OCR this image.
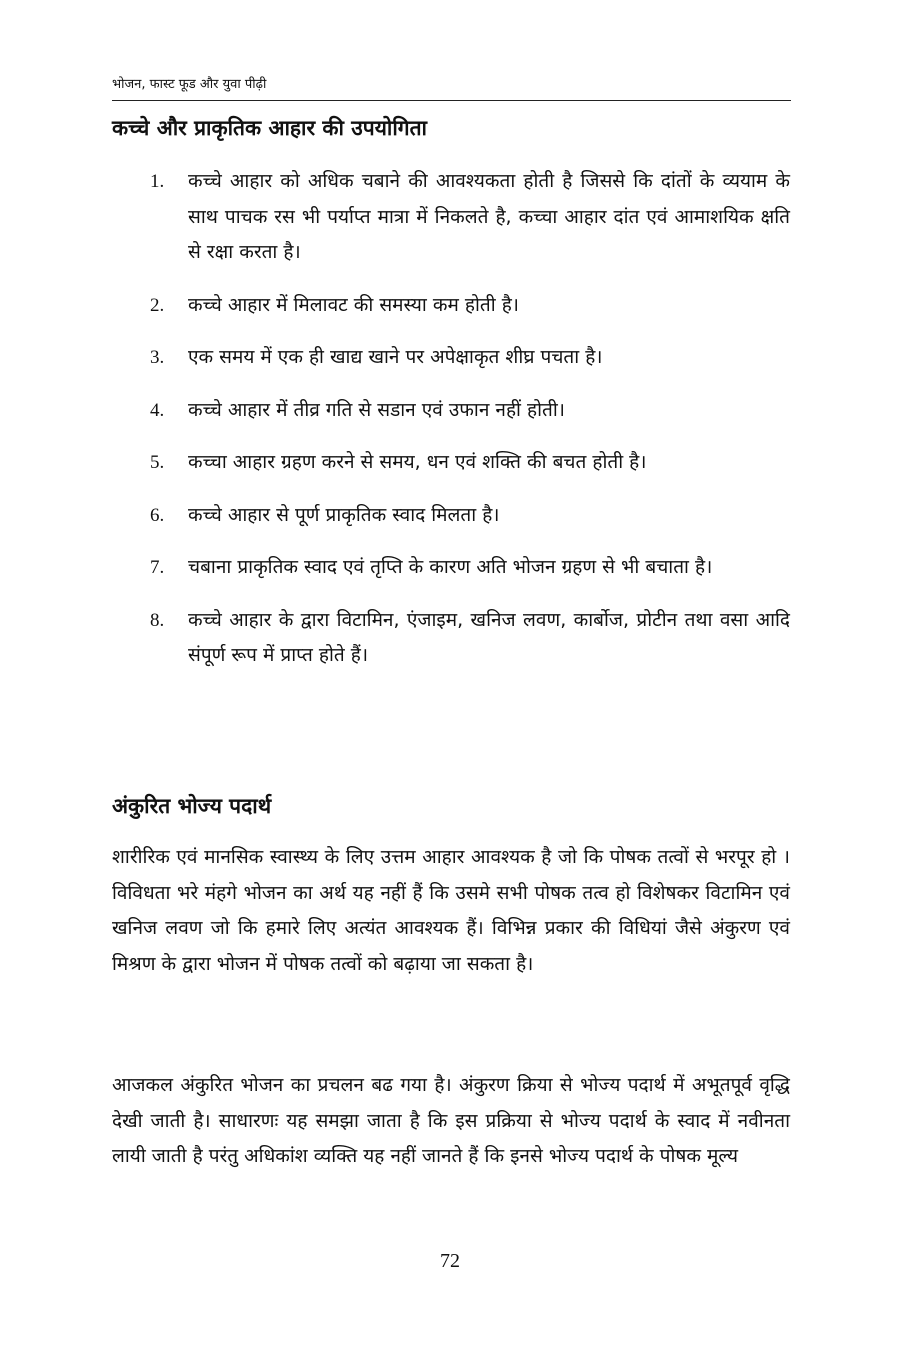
भोजन, फास्ट फूड और युवा पीढ़ी
कच्चे और प्राकृतिक आहार की उपयोगिता
1. कच्चे आहार को अधिक चबाने की आवश्यकता होती है जिससे कि दांतों के व्ययाम के साथ पाचक रस भी पर्याप्त मात्रा में निकलते है, कच्चा आहार दांत एवं आमाशयिक क्षति से रक्षा करता है।
2. कच्चे आहार में मिलावट की समस्या कम होती है।
3. एक समय में एक ही खाद्य खाने पर अपेक्षाकृत शीघ्र पचता है।
4. कच्चे आहार में तीव्र गति से सडान एवं उफान नहीं होती।
5. कच्चा आहार ग्रहण करने से समय, धन एवं शक्ति की बचत होती है।
6. कच्चे आहार से पूर्ण प्राकृतिक स्वाद मिलता है।
7. चबाना प्राकृतिक स्वाद एवं तृप्ति के कारण अति भोजन ग्रहण से भी बचाता है।
8. कच्चे आहार के द्वारा विटामिन, एंजाइम, खनिज लवण, कार्बोज, प्रोटीन तथा वसा आदि संपूर्ण रूप में प्राप्त होते हैं।
अंकुरित भोज्य पदार्थ

शारीरिक एवं मानसिक स्वास्थ्य के लिए उत्तम आहार आवश्यक है जो कि पोषक तत्वों से भरपूर हो । विविधता भरे मंहगे भोजन का अर्थ यह नहीं हैं कि उसमे सभी पोषक तत्व हो विशेषकर विटामिन एवं खनिज लवण जो कि हमारे लिए अत्यंत आवश्यक हैं। विभिन्न प्रकार की विधियां जैसे अंकुरण एवं मिश्रण के द्वारा भोजन में पोषक तत्वों को बढ़ाया जा सकता है।

आजकल अंकुरित भोजन का प्रचलन बढ गया है। अंकुरण क्रिया से भोज्य पदार्थ में अभूतपूर्व वृद्धि देखी जाती है। साधारणः यह समझा जाता है कि इस प्रक्रिया से भोज्य पदार्थ के स्वाद में नवीनता लायी जाती है परंतु अधिकांश व्यक्ति यह नहीं जानते हैं कि इनसे भोज्य पदार्थ के पोषक मूल्य

72
